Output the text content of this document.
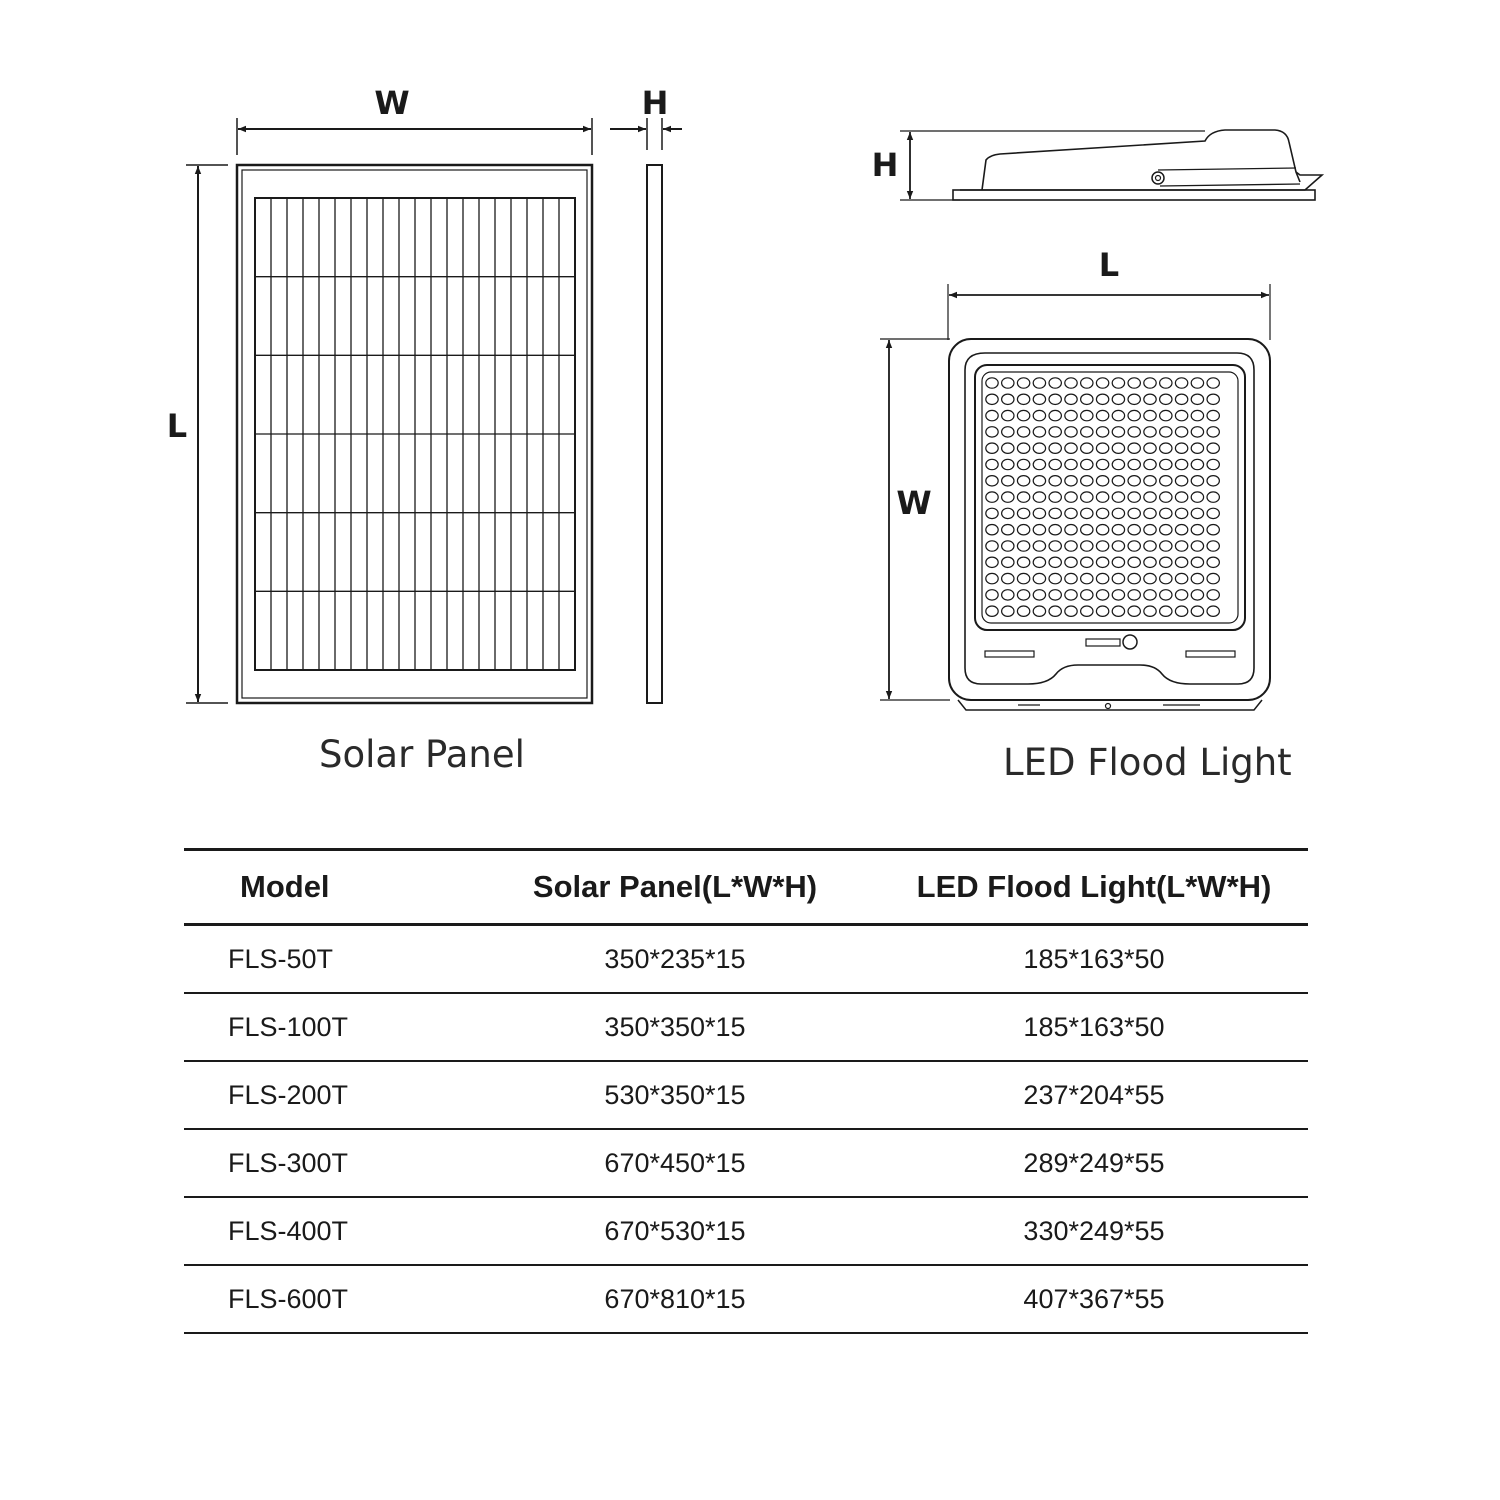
W	H
L
H
L
W
Solar Panel	LED Flood Light
Model	Solar Panel(L*W*H)	LED Flood Light(L*W*H)
FLS-50T	350*235*15	185*163*50
FLS-100T	350*350*15	185*163*50
FLS-200T	530*350*15	237*204*55
FLS-300T	670*450*15	289*249*55
FLS-400T	670*530*15	330*249*55
FLS-600T	670*810*15	407*367*55
